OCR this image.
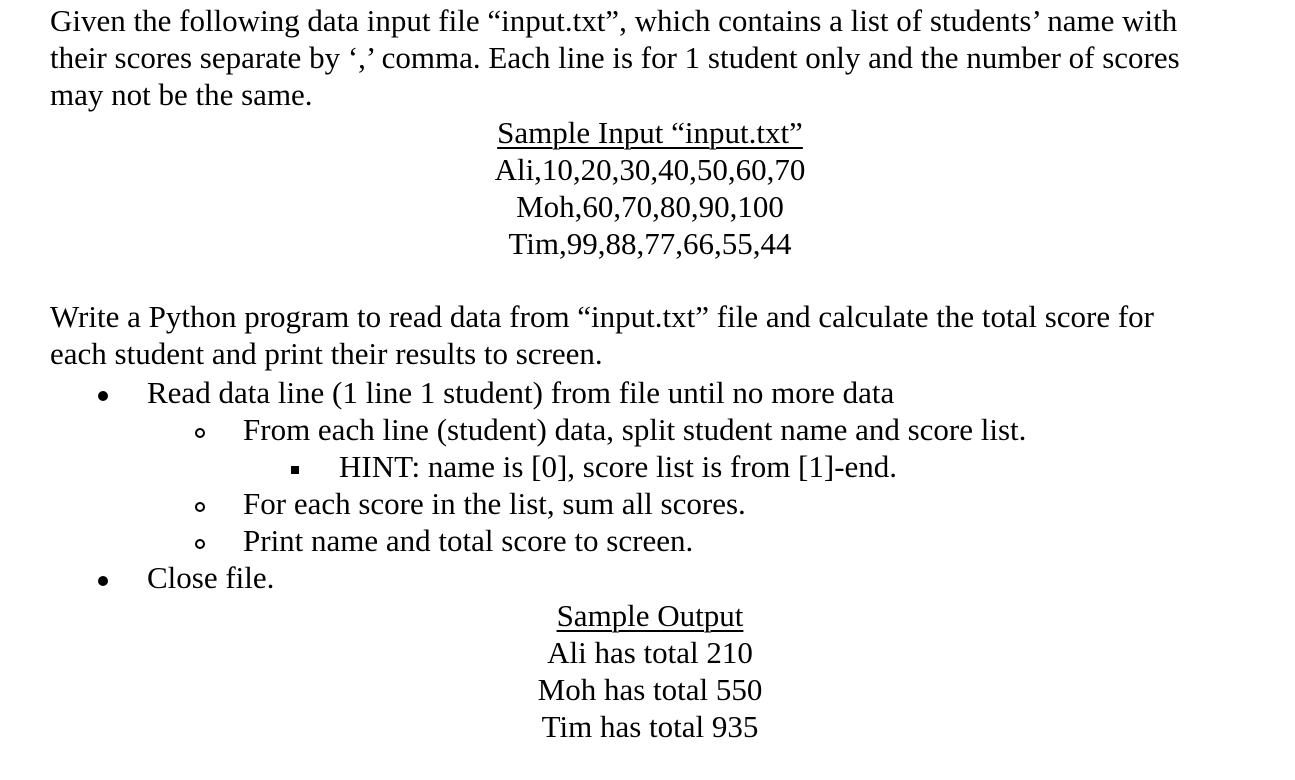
Given the following data input file “input.txt”, which contains a list of students’ name with

their scores separate by ‘,’ comma. Each line is for 1 student only and the number of scores

may not be the same.

Sample Input “input.txt”

Ali,10,20,30,40,50,60,70

Moh,60,70,80,90,100

Tim,99,88,77,66,55,44

Write a Python program to read data from “input.txt” file and calculate the total score for

each student and print their results to screen.

Read data line (1 line 1 student) from file until no more data
From each line (student) data, split student name and score list.
HINT: name is [0], score list is from [1]-end.
For each score in the list, sum all scores.
Print name and total score to screen.
Close file.

Sample Output

Ali has total 210

Moh has total 550

Tim has total 935
